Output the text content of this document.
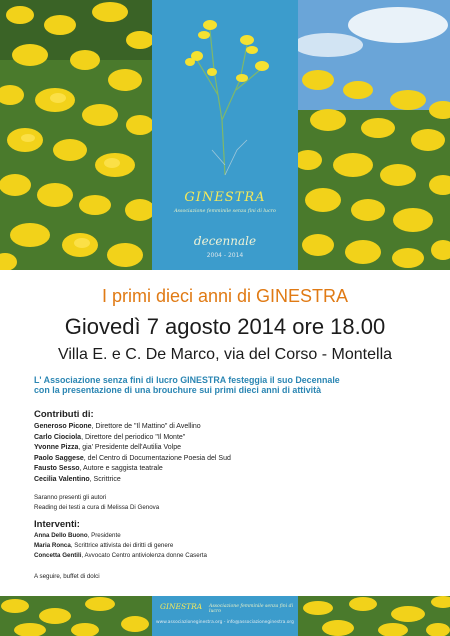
GINESTRA
Associazione femminile senza fini di lucro
decennale
2004 - 2014
I primi dieci anni di GINESTRA
Giovedì 7 agosto 2014 ore 18.00
Villa E. e C. De Marco, via del Corso - Montella
L' Associazione senza fini di lucro GINESTRA festeggia il suo Decennale
con la presentazione di una brouchure sui primi dieci anni di attività
Contributi di:
Generoso Picone, Direttore de "Il Mattino" di Avellino
Carlo Ciociola, Direttore del periodico "Il Monte"
Yvonne Pizza, gia' Presidente dell'Autilia Volpe
Paolo Saggese, del Centro di Documentazione Poesia del Sud
Fausto Sesso, Autore e saggista teatrale
Cecilia Valentino, Scrittrice
Saranno presenti gli autori
Reading dei testi a cura di Melissa Di Genova
Interventi:
Anna Dello Buono, Presidente
Maria Ronca, Scrittrice attivista dei diritti di genere
Concetta Gentili, Avvocato Centro antiviolenza donne Caserta
A seguire, buffet di dolci
GINESTRA Associazione femminile senza fini di lucro
www.associazioneginestra.org - info@associazioneginestra.org
